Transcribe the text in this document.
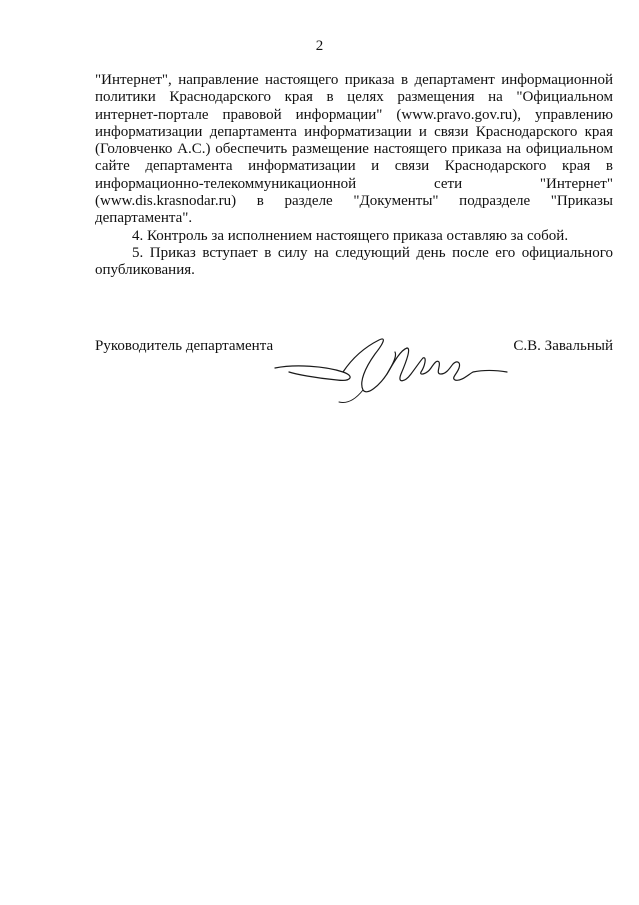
2
"Интернет", направление настоящего приказа в департамент информационной
политики Краснодарского края в целях размещения на "Официальном
интернет-портале правовой информации" (www.pravo.gov.ru), управлению
информатизации департамента информатизации и связи Краснодарского края
(Головченко А.С.) обеспечить размещение настоящего приказа на официальном
сайте департамента информатизации и связи Краснодарского края в
информационно-телекоммуникационной сети "Интернет"
(www.dis.krasnodar.ru) в разделе "Документы" подразделе "Приказы
департамента".
4. Контроль за исполнением настоящего приказа оставляю за собой.
5. Приказ вступает в силу на следующий день после его официального
опубликования.
Руководитель департамента	С.В. Завальный
